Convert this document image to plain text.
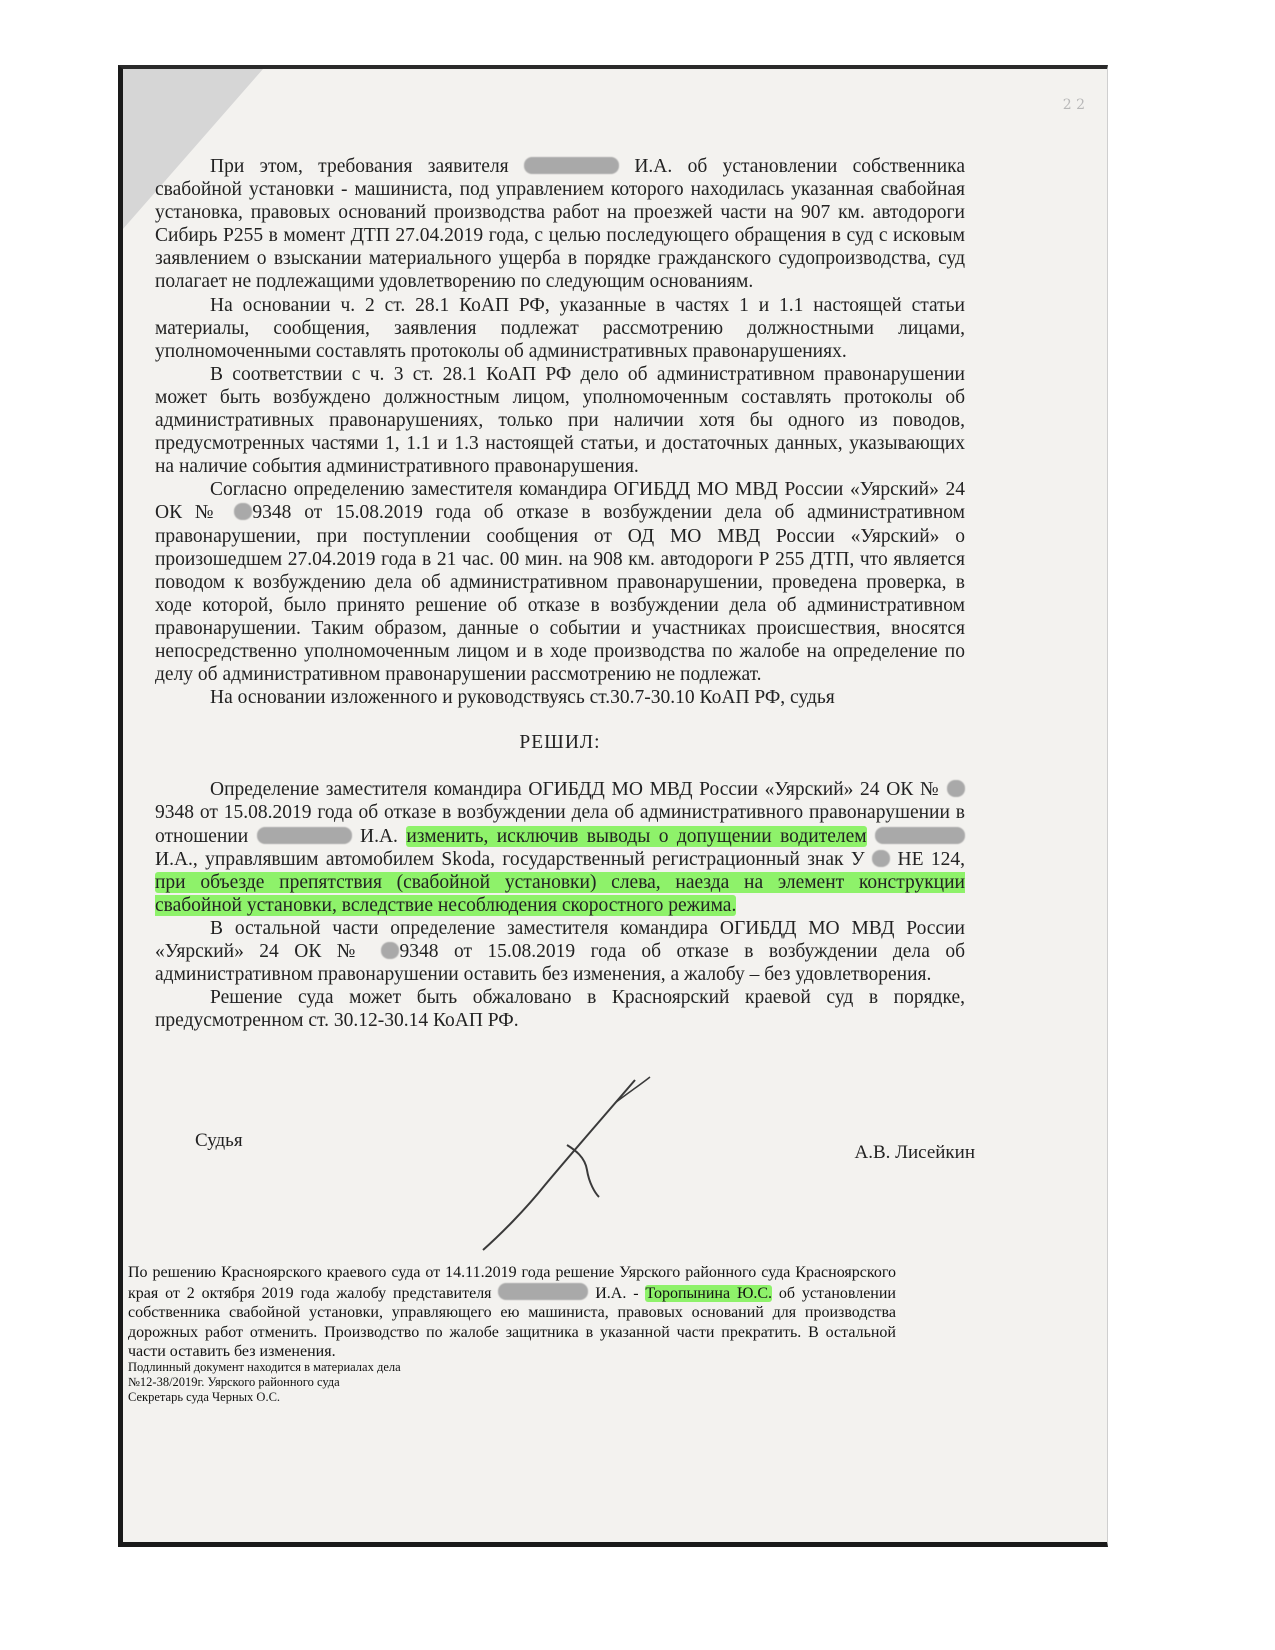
2 2

При этом, требования заявителя	И.А. об установлении собственника свабойной установки - машиниста, под управлением которого находилась указанная свабойная установка, правовых оснований производства работ на проезжей части на 907 км. автодороги Сибирь Р255 в момент ДТП 27.04.2019 года, с целью последующего обращения в суд с исковым заявлением о взыскании материального ущерба в порядке гражданского судопроизводства, суд полагает не подлежащими удовлетворению по следующим основаниям.

На основании ч. 2 ст. 28.1 КоАП РФ, указанные в частях 1 и 1.1 настоящей статьи материалы, сообщения, заявления подлежат рассмотрению должностными лицами, уполномоченными составлять протоколы об административных правонарушениях.

В соответствии с ч. 3 ст. 28.1 КоАП РФ дело об административном правонарушении может быть возбуждено должностным лицом, уполномоченным составлять протоколы об административных правонарушениях, только при наличии хотя бы одного из поводов, предусмотренных частями 1, 1.1 и 1.3 настоящей статьи, и достаточных данных, указывающих на наличие события административного правонарушения.

Согласно определению заместителя командира ОГИБДД МО МВД России «Уярский» 24 ОК № 9348 от 15.08.2019 года об отказе в возбуждении дела об административном правонарушении, при поступлении сообщения от ОД МО МВД России «Уярский» о произошедшем 27.04.2019 года в 21 час. 00 мин. на 908 км. автодороги Р 255 ДТП, что является поводом к возбуждению дела об административном правонарушении, проведена проверка, в ходе которой, было принято решение об отказе в возбуждении дела об административном правонарушении. Таким образом, данные о событии и участниках происшествия, вносятся непосредственно уполномоченным лицом и в ходе производства по жалобе на определение по делу об административном правонарушении рассмотрению не подлежат.

На основании изложенного и руководствуясь ст.30.7-30.10 КоАП РФ, судья

РЕШИЛ:

Определение заместителя командира ОГИБДД МО МВД России «Уярский» 24 ОК № 9348 от 15.08.2019 года об отказе в возбуждении дела об административного правонарушении в отношении	И.А. изменить, исключив выводы о допущении водителем  И.А., управлявшим автомобилем Skoda, государственный регистрационный знак У НЕ 124, при объезде препятствия (свабойной установки) слева, наезда на элемент конструкции свабойной установки, вследствие несоблюдения скоростного режима.

В остальной части определение заместителя командира ОГИБДД МО МВД России «Уярский» 24 ОК № 9348 от 15.08.2019 года об отказе в возбуждении дела об административном правонарушении оставить без изменения, а жалобу – без удовлетворения.

Решение суда может быть обжаловано в Красноярский краевой суд в порядке, предусмотренном ст. 30.12-30.14 КоАП РФ.

Судья
А.В. Лисейкин

По решению Красноярского краевого суда от 14.11.2019 года решение Уярского районного суда Красноярского края от 2 октября 2019 года жалобу представителя	И.А. - Торопынина Ю.С. об установлении собственника свабойной установки, управляющего ею машиниста, правовых оснований для производства дорожных работ отменить. Производство по жалобе защитника в указанной части прекратить. В остальной части оставить без изменения.

Подлинный документ находится в материалах дела
№12-38/2019г. Уярского районного суда
Секретарь суда Черных О.С.
